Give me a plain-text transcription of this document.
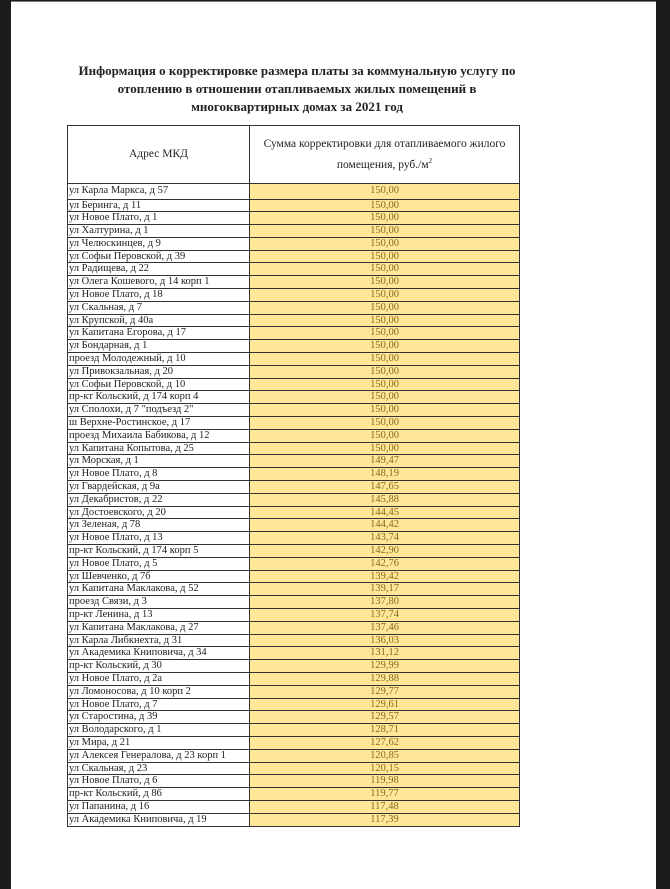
Информация о корректировке размера платы за коммунальную услугу по отоплению в отношении отапливаемых жилых помещений в многоквартирных домах за 2021 год
Адрес МКД	Сумма корректировки для отапливаемого жилого помещения, $руб./м^2$
ул Карла Маркса, д 57	150,00
ул Беринга, д 11	150,00
ул Новое Плато, д 1	150,00
ул Халтурина, д 1	150,00
ул Челюскинцев, д 9	150,00
ул Софьи Перовской, д 39	150,00
ул Радищева, д 22	150,00
ул Олега Кошевого, д 14 корп 1	150,00
ул Новое Плато, д 18	150,00
ул Скальная, д 7	150,00
ул Крупской, д 40а	150,00
ул Капитана Егорова, д 17	150,00
ул Бондарная, д 1	150,00
проезд Молодежный, д 10	150,00
ул Привокзальная, д 20	150,00
ул Софьи Перовской, д 10	150,00
пр-кт Кольский, д 174 корп 4	150,00
ул Сполохи, д 7 "подъезд 2"	150,00
ш Верхне-Ростинское, д 17	150,00
проезд Михаила Бабикова, д 12	150,00
ул Капитана Копытова, д 25	150,00
ул Морская, д 1	149,47
ул Новое Плато, д 8	148,19
ул Гвардейская, д 9а	147,65
ул Декабристов, д 22	145,88
ул Достоевского, д 20	144,45
ул Зеленая, д 78	144,42
ул Новое Плато, д 13	143,74
пр-кт Кольский, д 174 корп 5	142,90
ул Новое Плато, д 5	142,76
ул Шевченко, д 7б	139,42
ул Капитана Маклакова, д 52	139,17
проезд Связи, д 3	137,80
пр-кт Ленина, д 13	137,74
ул Капитана Маклакова, д 27	137,46
ул Карла Либкнехта, д 31	136,03
ул Академика Книповича, д 34	131,12
пр-кт Кольский, д 30	129,99
ул Новое Плато, д 2а	129,88
ул Ломоносова, д 10 корп 2	129,77
ул Новое Плато, д 7	129,61
ул Старостина, д 39	129,57
ул Володарского, д 1	128,71
ул Мира, д 21	127,62
ул Алексея Генералова, д 23 корп 1	120,85
ул Скальная, д 23	120,15
ул Новое Плато, д 6	119,98
пр-кт Кольский, д 86	119,77
ул Папанина, д 16	117,48
ул Академика Книповича, д 19	117,39
